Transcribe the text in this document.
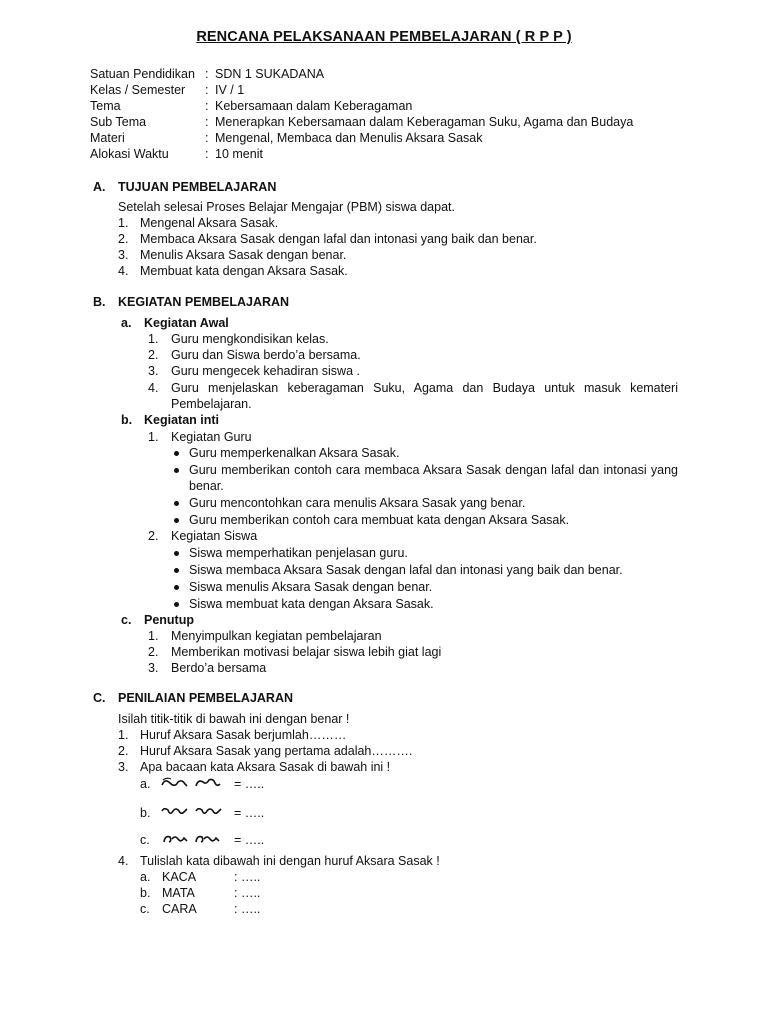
RENCANA PELAKSANAAN PEMBELAJARAN ( R P P )
Satuan Pendidikan : SDN 1 SUKADANA
Kelas / Semester : IV / 1
Tema	: Kebersamaan dalam Keberagaman
Sub Tema	: Menerapkan Kebersamaan dalam Keberagaman Suku, Agama dan Budaya
Materi	: Mengenal, Membaca dan Menulis Aksara Sasak
Alokasi Waktu	: 10 menit
A. TUJUAN PEMBELAJARAN
Setelah selesai Proses Belajar Mengajar (PBM) siswa dapat.
1. Mengenal Aksara Sasak.
2. Membaca Aksara Sasak dengan lafal dan intonasi yang baik dan benar.
3. Menulis Aksara Sasak dengan benar.
4. Membuat kata dengan Aksara Sasak.
B. KEGIATAN PEMBELAJARAN
a. Kegiatan Awal
1. Guru mengkondisikan kelas.
2. Guru dan Siswa berdo’a bersama.
3. Guru mengecek kehadiran siswa .
4. Guru menjelaskan keberagaman Suku, Agama dan Budaya untuk masuk kemateri
Pembelajaran.
b. Kegiatan inti
1. Kegiatan Guru
Guru memperkenalkan Aksara Sasak.
Guru memberikan contoh cara membaca Aksara Sasak dengan lafal dan intonasi yang
benar.
Guru mencontohkan cara menulis Aksara Sasak yang benar.
Guru memberikan contoh cara membuat kata dengan Aksara Sasak.
2. Kegiatan Siswa
Siswa memperhatikan penjelasan guru.
Siswa membaca Aksara Sasak dengan lafal dan intonasi yang baik dan benar.
Siswa menulis Aksara Sasak dengan benar.
Siswa membuat kata dengan Aksara Sasak.
c. Penutup
1. Menyimpulkan kegiatan pembelajaran
2. Memberikan motivasi belajar siswa lebih giat lagi
3. Berdo’a bersama
C. PENILAIAN PEMBELAJARAN
Isilah titik-titik di bawah ini dengan benar !
1. Huruf Aksara Sasak berjumlah………
2. Huruf Aksara Sasak yang pertama adalah……….
3. Apa bacaan kata Aksara Sasak di bawah ini !
a.	= …..
b.	= …..
c.	= …..
4. Tulislah kata dibawah ini dengan huruf Aksara Sasak !
a. KACA	: …..
b. MATA	: …..
c. CARA	: …..
